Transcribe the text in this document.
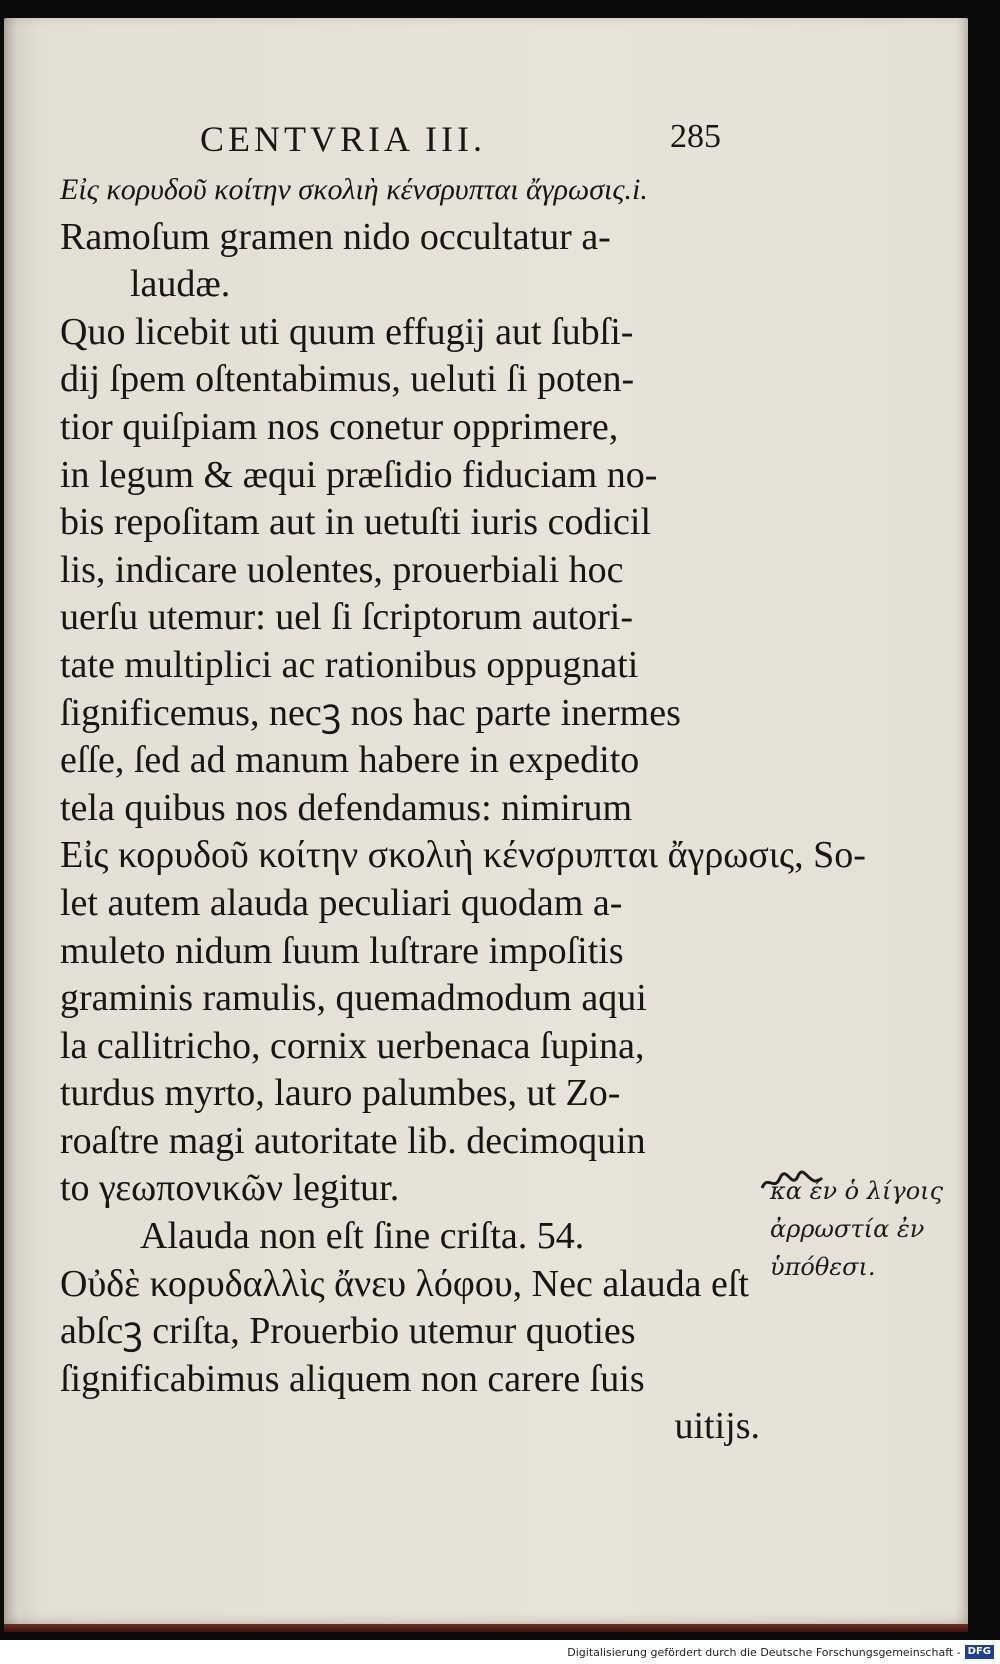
CENTVRIA III.	285
Εἰς κορυδοῦ κοίτην σκολιὴ κένσρυπται ἄγρωσις.i.
Ramoſum gramen nido occultatur a-
laudæ.
Quo licebit uti quum effugij aut ſubſi-
dij ſpem oſtentabimus, ueluti ſi poten-
tior quiſpiam nos conetur opprimere,
in legum & æqui præſidio fiduciam no-
bis repoſitam aut in uetuſti iuris codicil
lis, indicare uolentes, prouerbiali hoc
uerſu utemur: uel ſi ſcriptorum autori-
tate multiplici ac rationibus oppugnati
ſignificemus, necꝫ nos hac parte inermes
eſſe, ſed ad manum habere in expedito
tela quibus nos defendamus: nimirum
Εἰς κορυδοῦ κοίτην σκολιὴ κένσρυπται ἄγρωσις, So-
let autem alauda peculiari quodam a-
muleto nidum ſuum luſtrare impoſitis
graminis ramulis, quemadmodum aqui
la callitricho, cornix uerbenaca ſupina,
turdus myrto, lauro palumbes, ut Zo-
roaſtre magi autoritate lib. decimoquin
to γεωπονικῶν legitur.
Alauda non eſt ſine criſta. 54.
Οὐδὲ κορυδαλλὶς ἄνευ λόφου, Nec alauda eſt
abſcꝫ criſta, Prouerbio utemur quoties
ſignificabimus aliquem non carere ſuis
uitijs.
κα ἐν ὁ λίγοις
ἀρρωστία ἐν
ὑπόθεσι.
Digitalisierung gefördert durch die Deutsche Forschungsgemeinschaft - DFG
